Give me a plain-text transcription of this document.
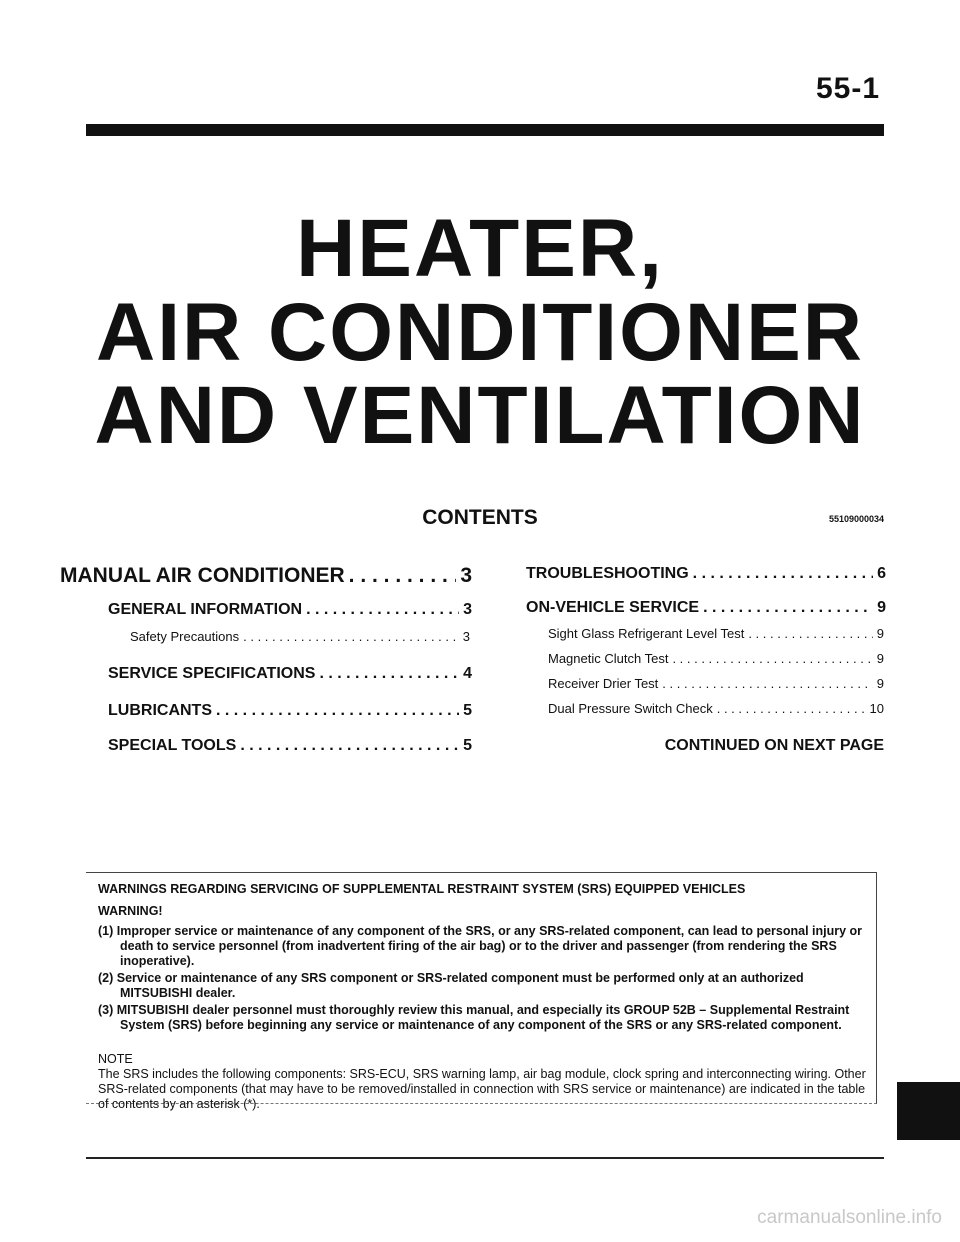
55-1
HEATER,
AIR CONDITIONER
AND VENTILATION
CONTENTS	55109000034
MANUAL AIR CONDITIONER . . .	3
GENERAL INFORMATION . . .	3
Safety Precautions . . .	3
SERVICE SPECIFICATIONS . . .	4
LUBRICANTS . . .	5
SPECIAL TOOLS . . .	5
TROUBLESHOOTING . . .	6
ON-VEHICLE SERVICE . . .	9
Sight Glass Refrigerant Level Test . . .	9
Magnetic Clutch Test . . .	9
Receiver Drier Test . . .	9
Dual Pressure Switch Check . . .	10
CONTINUED ON NEXT PAGE
WARNINGS REGARDING SERVICING OF SUPPLEMENTAL RESTRAINT SYSTEM (SRS) EQUIPPED VEHICLES
WARNING!
(1) Improper service or maintenance of any component of the SRS, or any SRS-related component, can lead to personal injury or death to service personnel (from inadvertent firing of the air bag) or to the driver and passenger (from rendering the SRS inoperative).
(2) Service or maintenance of any SRS component or SRS-related component must be performed only at an authorized MITSUBISHI dealer.
(3) MITSUBISHI dealer personnel must thoroughly review this manual, and especially its GROUP 52B – Supplemental Restraint System (SRS) before beginning any service or maintenance of any component of the SRS or any SRS-related component.
NOTE
The SRS includes the following components: SRS-ECU, SRS warning lamp, air bag module, clock spring and interconnecting wiring. Other SRS-related components (that may have to be removed/installed in connection with SRS service or maintenance) are indicated in the table of contents by an asterisk (*).
carmanualsonline.info
